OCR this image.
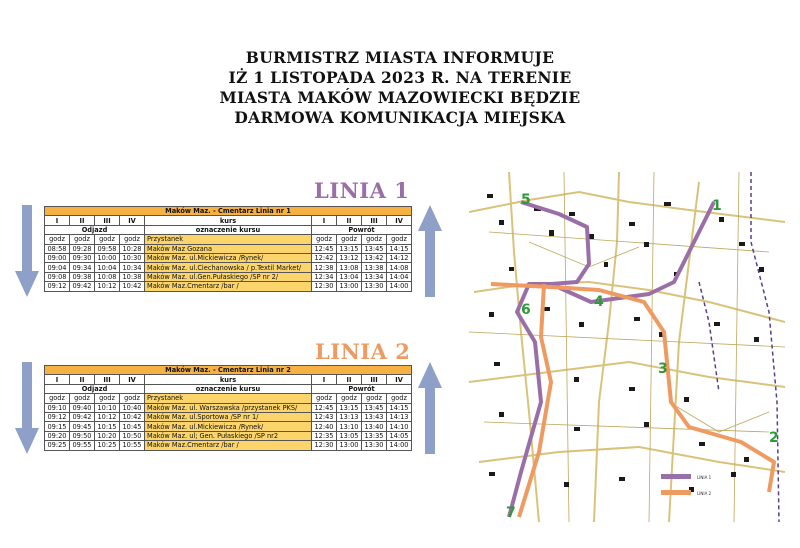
BURMISTRZ MIASTA INFORMUJE
IŻ 1 LISTOPADA 2023 R. NA TERENIE
MIASTA MAKÓW MAZOWIECKI BĘDZIE
DARMOWA KOMUNIKACJA MIEJSKA
LINIA 1
Maków Maz. - Cmentarz Linia nr 1								
I	II	III	IV	kurs	I	II	III	IV
Odjazd				oznaczenie kursu	Powrót			
godz	godz	godz	godz	Przystanek	godz	godz	godz	godz
08:58	09:28	09:58	10:28	Maków Maz Gozana	12:45	13:15	13:45	14:15
09:00	09:30	10:00	10:30	Maków Maz. ul.Mickiewicza /Rynek/	12:42	13:12	13:42	14:12
09:04	09:34	10:04	10:34	Maków Maz. ul.Ciechanowska / p.Textil Market/	12:38	13:08	13:38	14:08
09:08	09:38	10:08	10:38	Maków Maz. ul.Gen.Pułaskiego /SP nr 2/	12:34	13:04	13:34	14:04
09:12	09:42	10:12	10:42	Maków Maz.Cmentarz /bar /	12:30	13:00	13:30	14:00
LINIA 2
Maków Maz. - Cmentarz Linia nr 2								
I	II	III	IV	kurs	I	II	III	IV
Odjazd				oznaczenie kursu	Powrót			
godz	godz	godz	godz	Przystanek	godz	godz	godz	godz
09:10	09:40	10:10	10:40	Maków Maz. ul. Warszawska /przystanek PKS/	12:45	13:15	13:45	14:15
09:12	09:42	10:12	10:42	Maków Maz. ul.Sportowa /SP nr 1/	12:43	13:13	13:43	14:13
09:15	09:45	10:15	10:45	Maków Maz. ul.Mickiewicza /Rynek/	12:40	13:10	13:40	14:10
09:20	09:50	10:20	10:50	Maków Maz. ul; Gen. Pułaskiego /SP nr2	12:35	13:05	13:35	14:05
09:25	09:55	10:25	10:55	Maków Maz.Cmentarz /bar /	12:30	13:00	13:30	14:00
5	1
4
6
3
2
7
LINIA 1
LINIA 2
